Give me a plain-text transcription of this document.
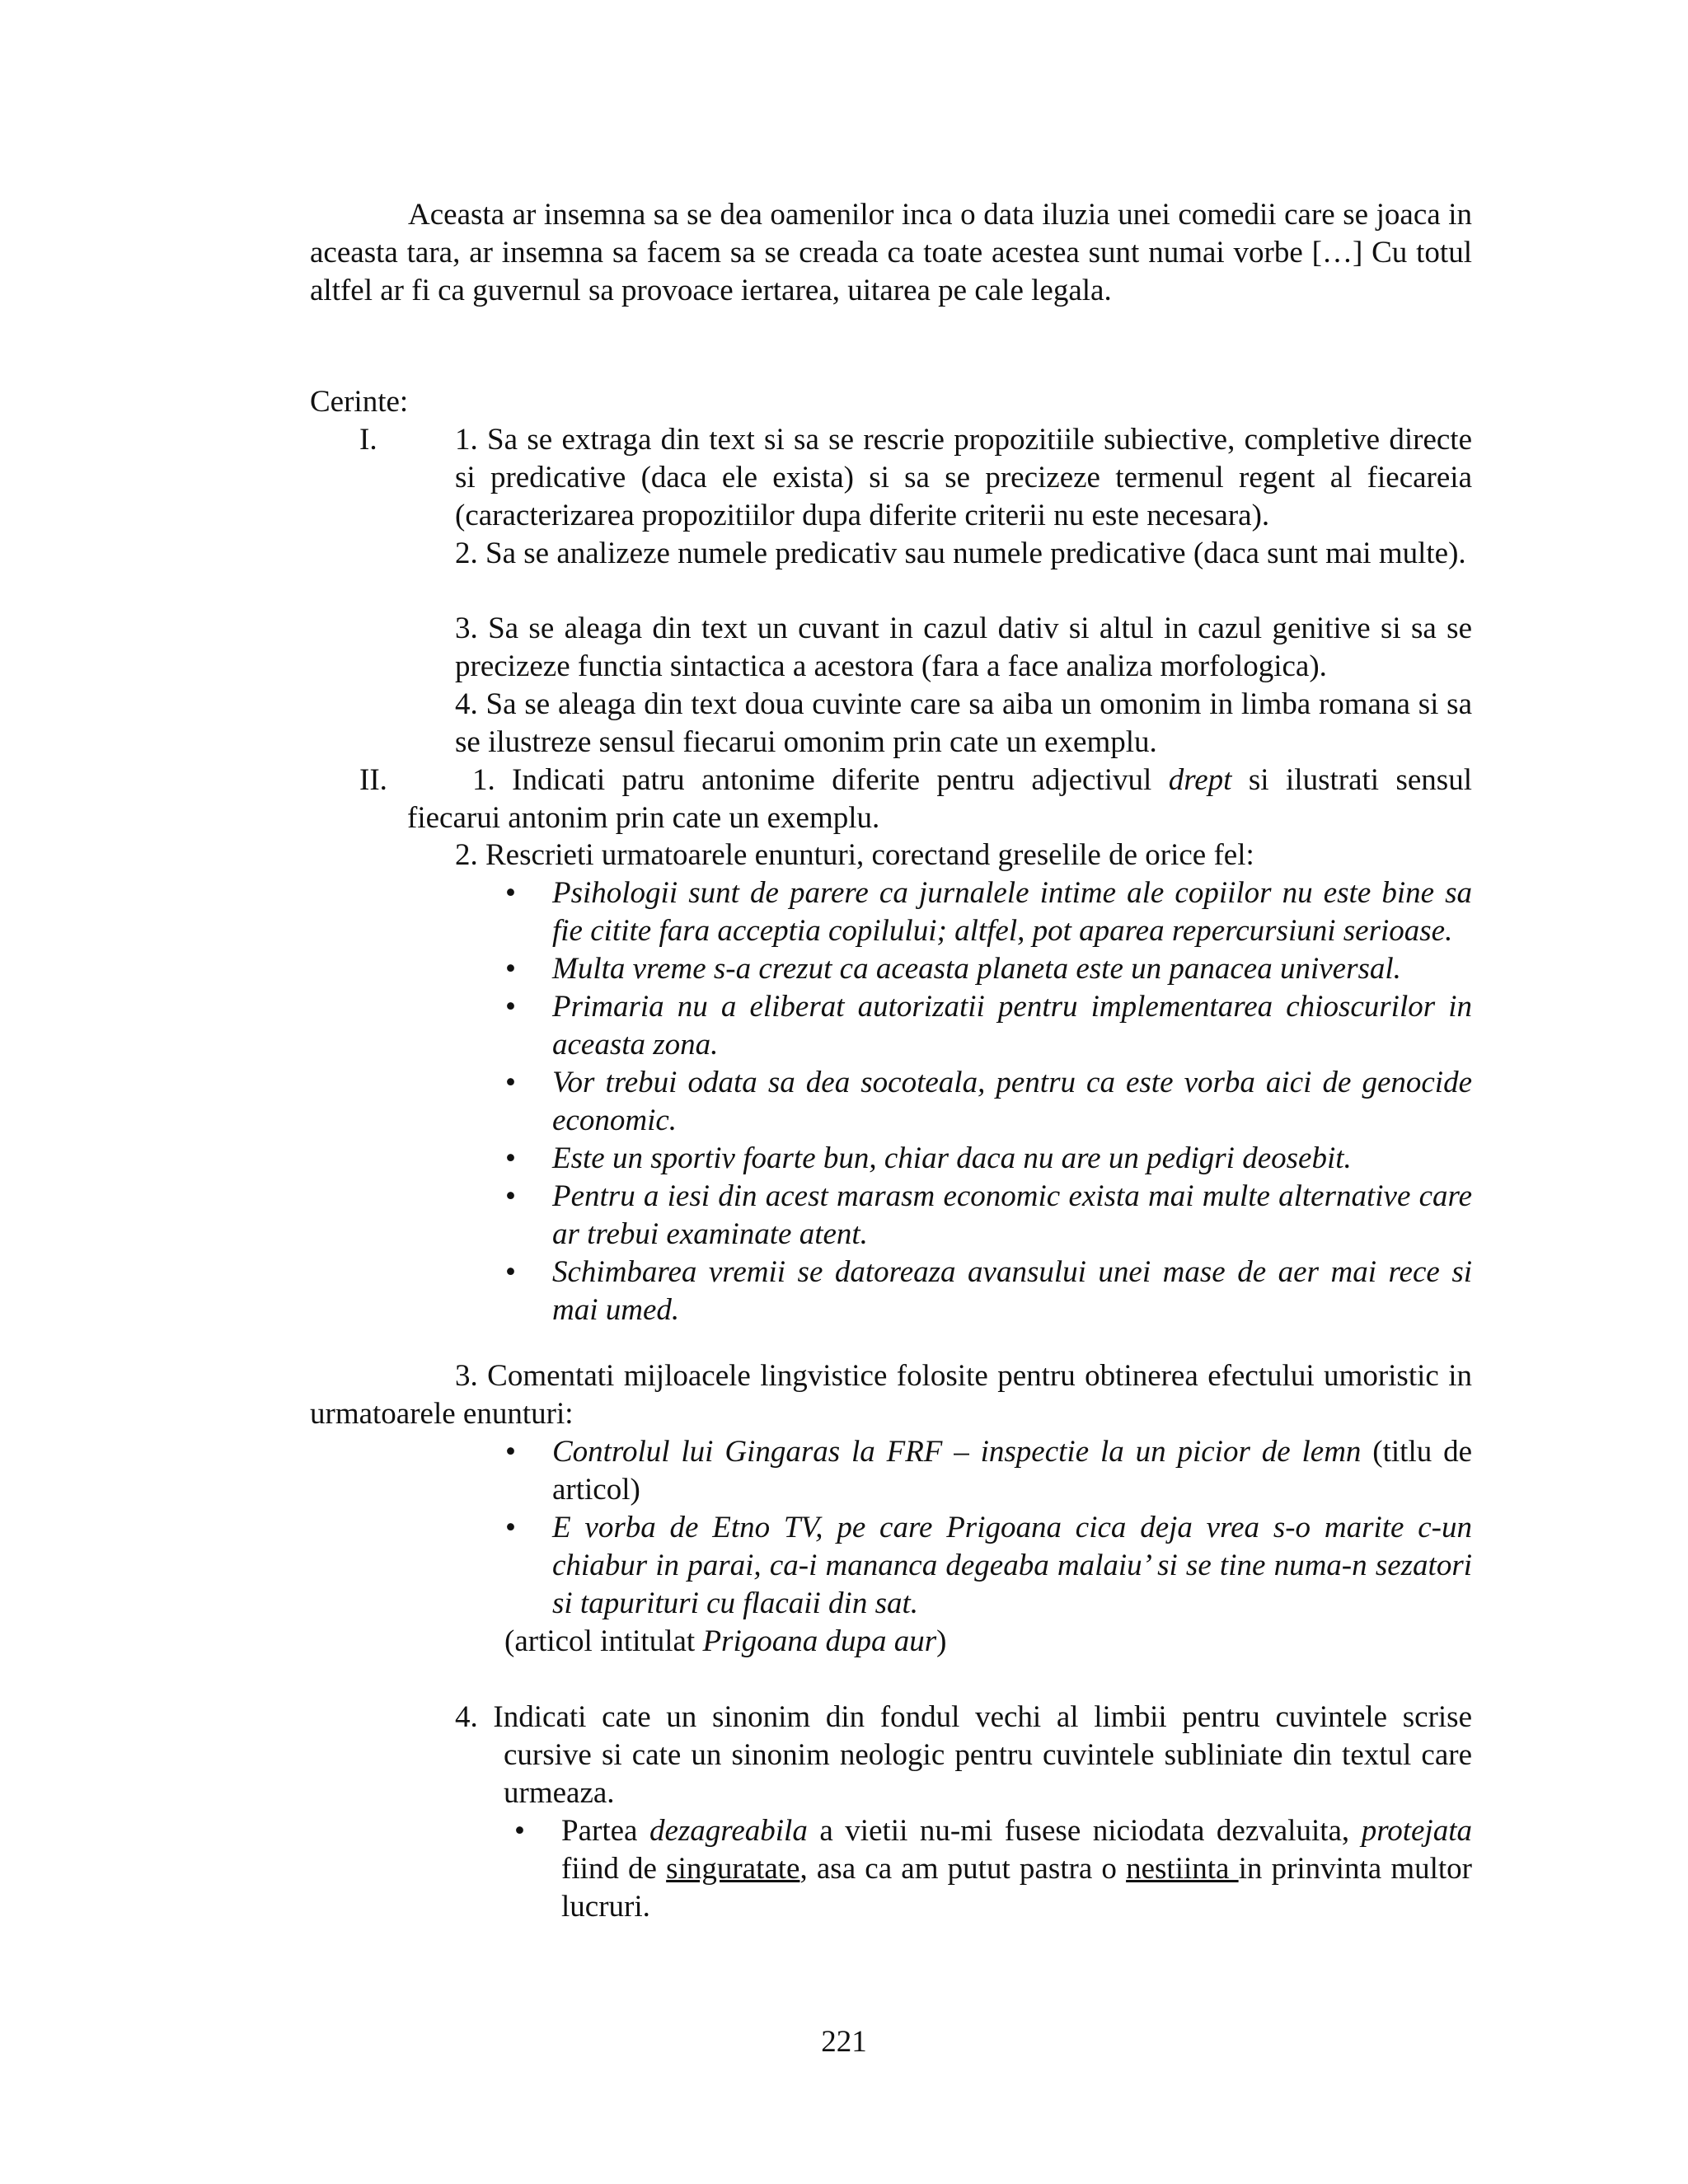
Aceasta ar insemna sa se dea oamenilor inca o data iluzia unei comedii care se joaca in aceasta tara, ar insemna sa facem sa se creada ca toate acestea sunt numai vorbe […] Cu totul altfel ar fi ca guvernul sa provoace iertarea, uitarea pe cale legala.

Cerinte:
I.	1. Sa se extraga din text si sa se rescrie propozitiile subiective, completive directe si predicative (daca ele exista) si sa se precizeze termenul regent al fiecareia (caracterizarea propozitiilor dupa diferite criterii nu este necesara).
2. Sa se analizeze numele predicativ sau numele predicative (daca sunt mai multe).
3. Sa se aleaga din text un cuvant in cazul dativ si altul in cazul genitive si sa se precizeze functia sintactica a acestora (fara a face analiza morfologica).
4. Sa se aleaga din text doua cuvinte care sa aiba un omonim in limba romana si sa se ilustreze sensul fiecarui omonim prin cate un exemplu.
II.	1. Indicati patru antonime diferite pentru adjectivul drept si ilustrati sensul fiecarui antonim prin cate un exemplu.
2. Rescrieti urmatoarele enunturi, corectand greselile de orice fel:
• Psihologii sunt de parere ca jurnalele intime ale copiilor nu este bine sa fie citite fara acceptia copilului; altfel, pot aparea repercursiuni serioase.
• Multa vreme s-a crezut ca aceasta planeta este un panacea universal.
• Primaria nu a eliberat autorizatii pentru implementarea chioscurilor in aceasta zona.
• Vor trebui odata sa dea socoteala, pentru ca este vorba aici de genocide economic.
• Este un sportiv foarte bun, chiar daca nu are un pedigri deosebit.
• Pentru a iesi din acest marasm economic exista mai multe alternative care ar trebui examinate atent.
• Schimbarea vremii se datoreaza avansului unei mase de aer mai rece si mai umed.
3. Comentati mijloacele lingvistice folosite pentru obtinerea efectului umoristic in urmatoarele enunturi:
• Controlul lui Gingaras la FRF – inspectie la un picior de lemn (titlu de articol)
• E vorba de Etno TV, pe care Prigoana cica deja vrea s-o marite c-un chiabur in parai, ca-i mananca degeaba malaiu’ si se tine numa-n sezatori si tapurituri cu flacaii din sat.
(articol intitulat Prigoana dupa aur)
4. Indicati cate un sinonim din fondul vechi al limbii pentru cuvintele scrise cursive si cate un sinonim neologic pentru cuvintele subliniate din textul care urmeaza.
• Partea dezagreabila a vietii nu-mi fusese niciodata dezvaluita, protejata fiind de singuratate, asa ca am putut pastra o nestiinta in prinvinta multor lucruri.
221
